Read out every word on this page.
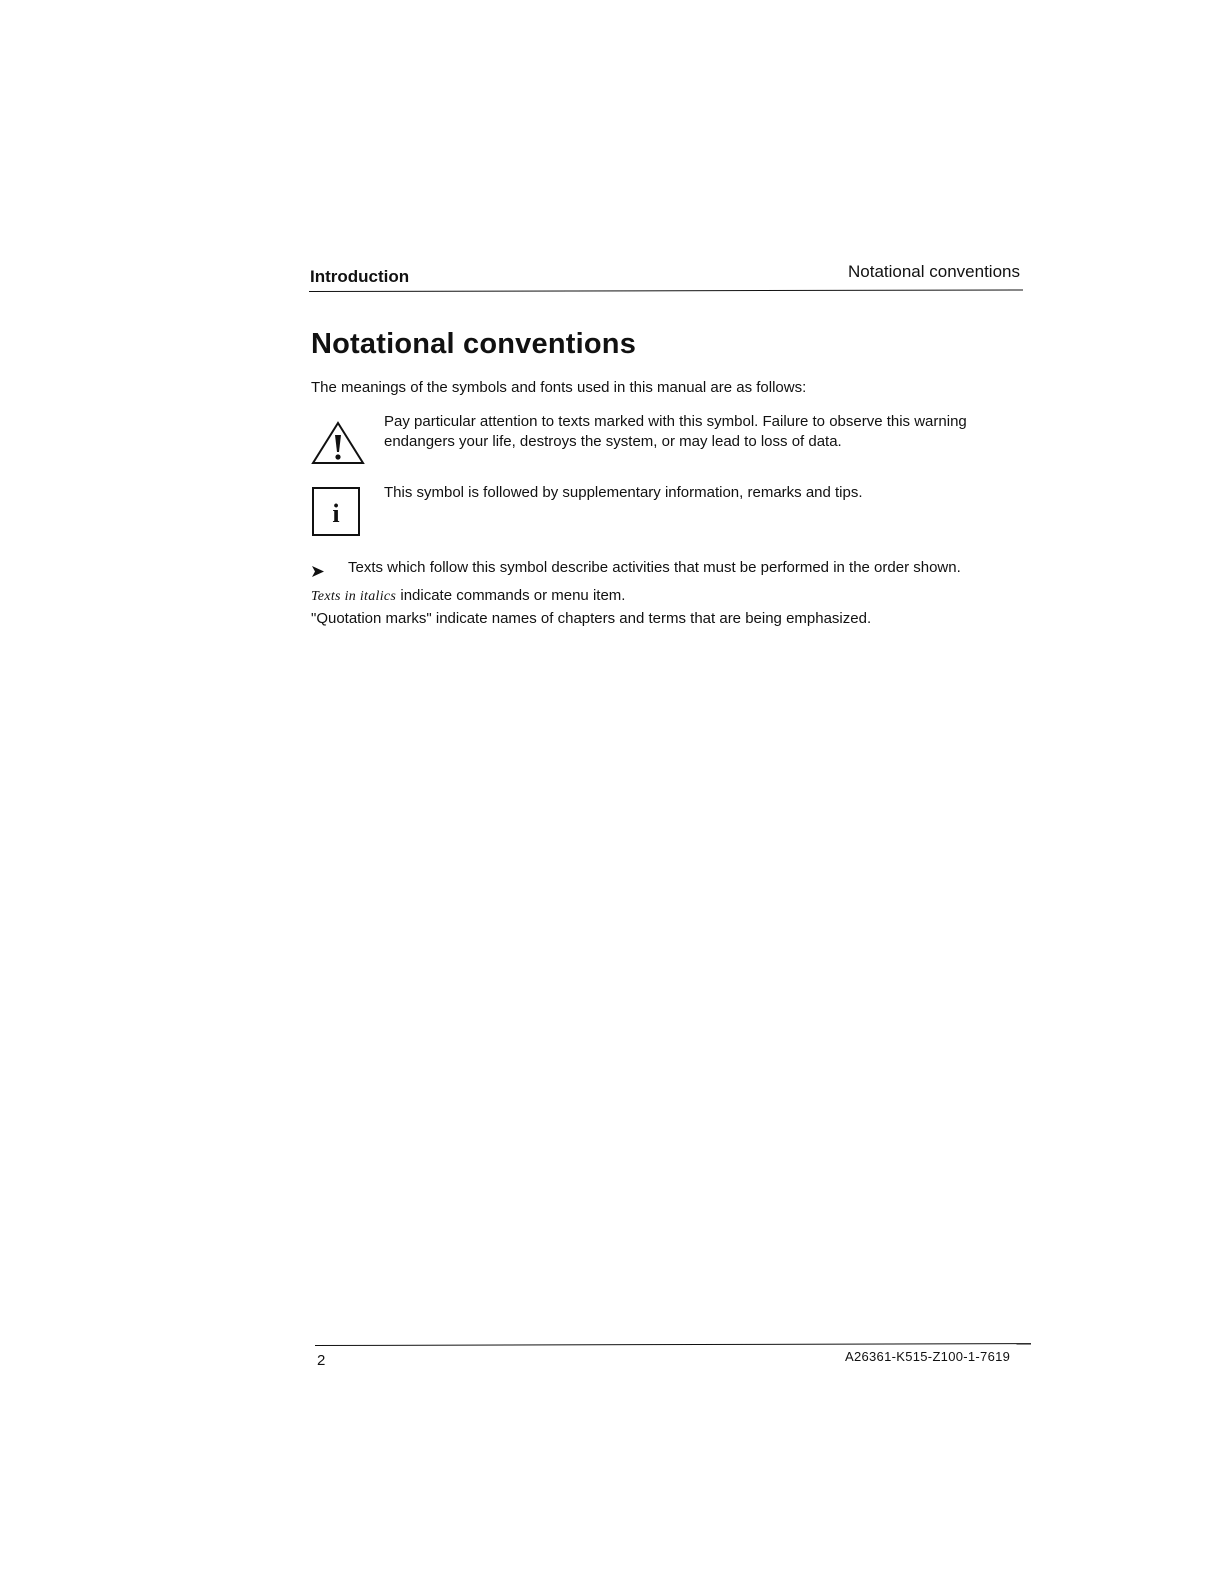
Introduction	Notational conventions
Notational conventions
The meanings of the symbols and fonts used in this manual are as follows:
Pay particular attention to texts marked with this symbol. Failure to observe this warning endangers your life, destroys the system, or may lead to loss of data.
i
This symbol is followed by supplementary information, remarks and tips.
Texts which follow this symbol describe activities that must be performed in the order shown.
Texts in italics indicate commands or menu item.
"Quotation marks" indicate names of chapters and terms that are being emphasized.
2	A26361-K515-Z100-1-7619
